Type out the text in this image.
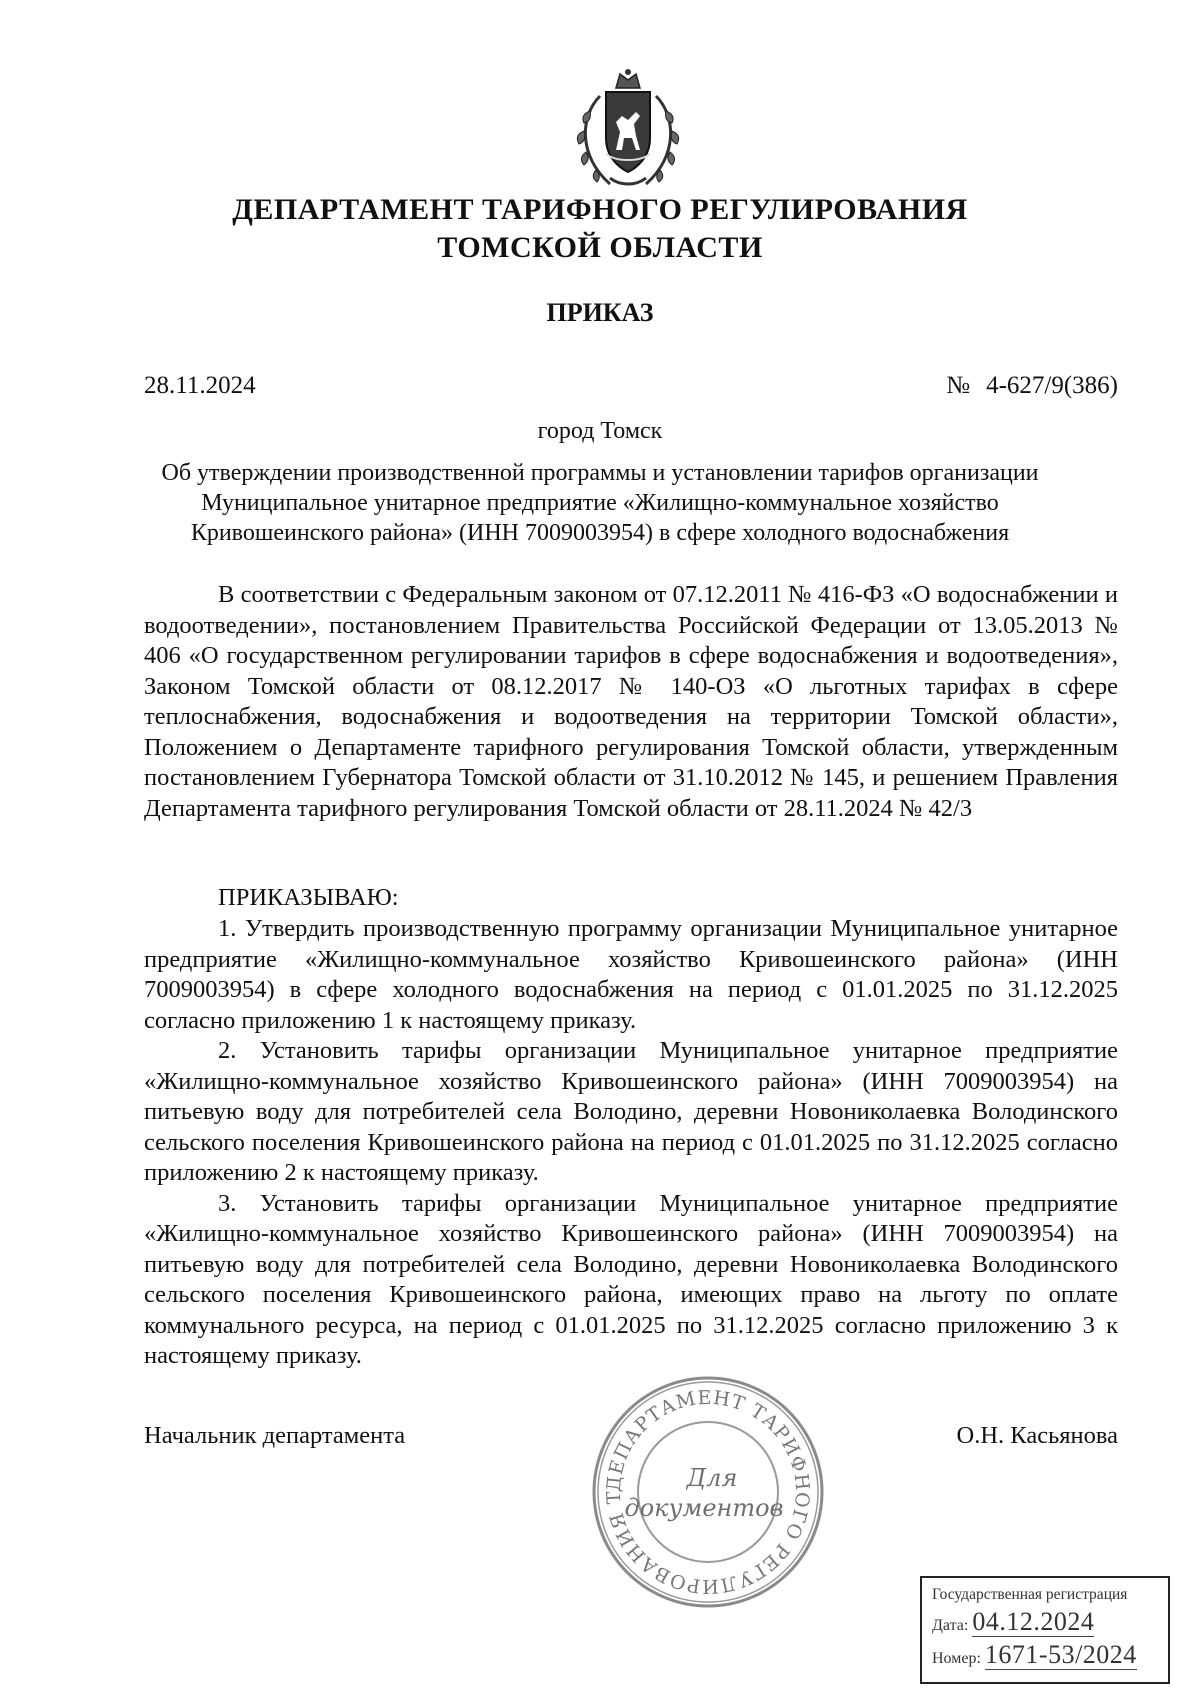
ДЕПАРТАМЕНТ ТАРИФНОГО РЕГУЛИРОВАНИЯ
ТОМСКОЙ ОБЛАСТИ
ПРИКАЗ
28.11.2024	№ 4-627/9(386)
город Томск
Об утверждении производственной программы и установлении тарифов организации Муниципальное унитарное предприятие «Жилищно-коммунальное хозяйство Кривошеинского района» (ИНН 7009003954) в сфере холодного водоснабжения
В соответствии с Федеральным законом от 07.12.2011 № 416-ФЗ «О водоснабжении и водоотведении», постановлением Правительства Российской Федерации от 13.05.2013 № 406 «О государственном регулировании тарифов в сфере водоснабжения и водоотведения», Законом Томской области от 08.12.2017 № 140-ОЗ «О льготных тарифах в сфере теплоснабжения, водоснабжения и водоотведения на территории Томской области», Положением о Департаменте тарифного регулирования Томской области, утвержденным постановлением Губернатора Томской области от 31.10.2012 № 145, и решением Правления Департамента тарифного регулирования Томской области от 28.11.2024 № 42/3
ПРИКАЗЫВАЮ:

1. Утвердить производственную программу организации Муниципальное унитарное предприятие «Жилищно-коммунальное хозяйство Кривошеинского района» (ИНН 7009003954) в сфере холодного водоснабжения на период с 01.01.2025 по 31.12.2025 согласно приложению 1 к настоящему приказу.

2. Установить тарифы организации Муниципальное унитарное предприятие «Жилищно-коммунальное хозяйство Кривошеинского района» (ИНН 7009003954) на питьевую воду для потребителей села Володино, деревни Новониколаевка Володинского сельского поселения Кривошеинского района на период с 01.01.2025 по 31.12.2025 согласно приложению 2 к настоящему приказу.

3. Установить тарифы организации Муниципальное унитарное предприятие «Жилищно-коммунальное хозяйство Кривошеинского района» (ИНН 7009003954) на питьевую воду для потребителей села Володино, деревни Новониколаевка Володинского сельского поселения Кривошеинского района, имеющих право на льготу по оплате коммунального ресурса, на период с 01.01.2025 по 31.12.2025 согласно приложению 3 к настоящему приказу.

Начальник департамента	О.Н. Касьянова
ДЕПАРТАМЕНТ ТАРИФНОГО РЕГУЛИРОВАНИЯ Т
Для
документов
Государственная регистрация
Дата: 04.12.2024
Номер: 1671-53/2024
